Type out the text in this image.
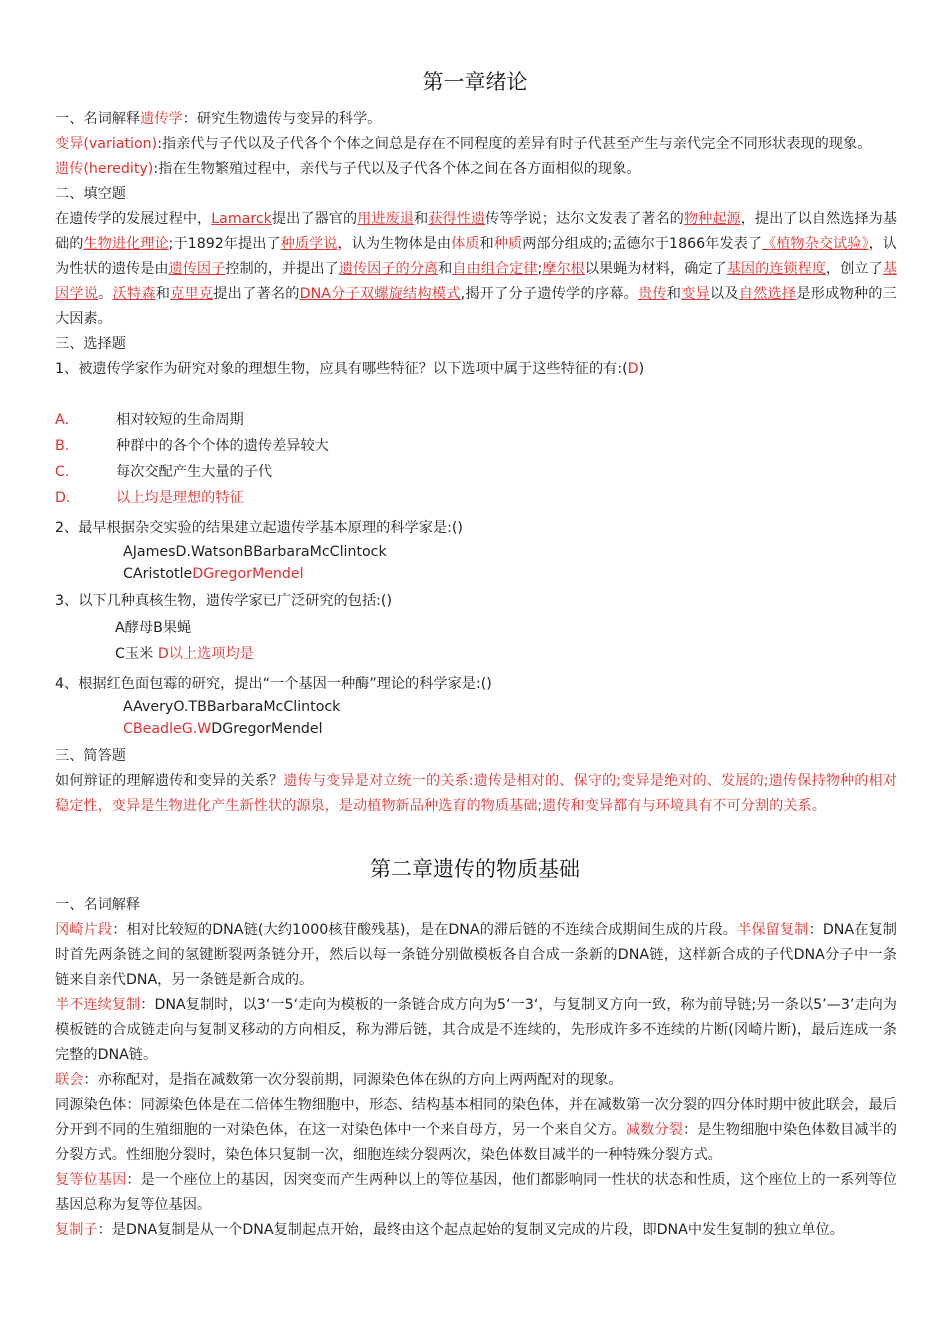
第一章绪论

一、名词解释遗传学：研究生物遗传与变异的科学。
变异(variation):指亲代与子代以及子代各个个体之间总是存在不同程度的差异有时子代甚至产生与亲代完全不同形状表现的现象。
遗传(heredity):指在生物繁殖过程中，亲代与子代以及子代各个体之间在各方面相似的现象。
二、填空题
在遗传学的发展过程中，Lamarck提出了器官的用进废退和获得性遗传等学说；达尔文发表了著名的物种起源，提出了以自然选择为基础的生物进化理论;于1892年提出了种质学说，认为生物体是由体质和种质两部分组成的;孟德尔于1866年发表了《植物杂交试验》，认为性状的遗传是由遗传因子控制的，并提出了遗传因子的分离和自由组合定律;摩尔根以果蝇为材料，确定了基因的连锁程度，创立了基因学说。沃特森和克里克提出了著名的DNA分子双螺旋结构模式,揭开了分子遗传学的序幕。贵传和变异以及自然选择是形成物种的三大因素。
三、选择题
1、被遗传学家作为研究对象的理想生物，应具有哪些特征？以下选项中属于这些特征的有:(D)

A.	相对较短的生命周期
B.	种群中的各个个体的遗传差异较大
C.	每次交配产生大量的子代
D.	以上均是理想的特征
2、最早根据杂交实验的结果建立起遗传学基本原理的科学家是:()
AJamesD.WatsonBBarbaraMcClintock
CAristotleDGregorMendel
3、以下几种真核生物，遗传学家已广泛研究的包括:()
A酵母B果蝇
C玉米 D以上选项均是
4、根据红色面包霉的研究，提出“一个基因一种酶”理论的科学家是:()
AAveryO.TBBarbaraMcClintock
CBeadleG.WDGregorMendel

三、简答题
如何辩证的理解遗传和变异的关系？遗传与变异是对立统一的关系:遗传是相对的、保守的;变异是绝对的、发展的;遗传保持物种的相对稳定性，变异是生物进化产生新性状的源泉，是动植物新品种选育的物质基础;遗传和变异都有与环境具有不可分割的关系。

第二章遗传的物质基础

一、名词解释
冈崎片段：相对比较短的DNA链(大约1000核苷酸残基)，是在DNA的滞后链的不连续合成期间生成的片段。半保留复制：DNA在复制时首先两条链之间的氢键断裂两条链分开，然后以每一条链分别做模板各自合成一条新的DNA链，这样新合成的子代DNA分子中一条链来自亲代DNA，另一条链是新合成的。
半不连续复制：DNA复制时，以3‘一5‘走向为模板的一条链合成方向为5‘一3‘，与复制叉方向一致，称为前导链;另一条以5’—3’走向为模板链的合成链走向与复制叉移动的方向相反，称为滞后链，其合成是不连续的，先形成许多不连续的片断(冈崎片断)，最后连成一条完整的DNA链。
联会：亦称配对，是指在减数第一次分裂前期，同源染色体在纵的方向上两两配对的现象。
同源染色体：同源染色体是在二倍体生物细胞中，形态、结构基本相同的染色体，并在减数第一次分裂的四分体时期中彼此联会，最后分开到不同的生殖细胞的一对染色体，在这一对染色体中一个来自母方，另一个来自父方。减数分裂：是生物细胞中染色体数目减半的分裂方式。性细胞分裂时，染色体只复制一次，细胞连续分裂两次，染色体数目减半的一种特殊分裂方式。
复等位基因：是一个座位上的基因，因突变而产生两种以上的等位基因，他们都影响同一性状的状态和性质，这个座位上的一系列等位基因总称为复等位基因。
复制子：是DNA复制是从一个DNA复制起点开始，最终由这个起点起始的复制叉完成的片段，即DNA中发生复制的独立单位。
